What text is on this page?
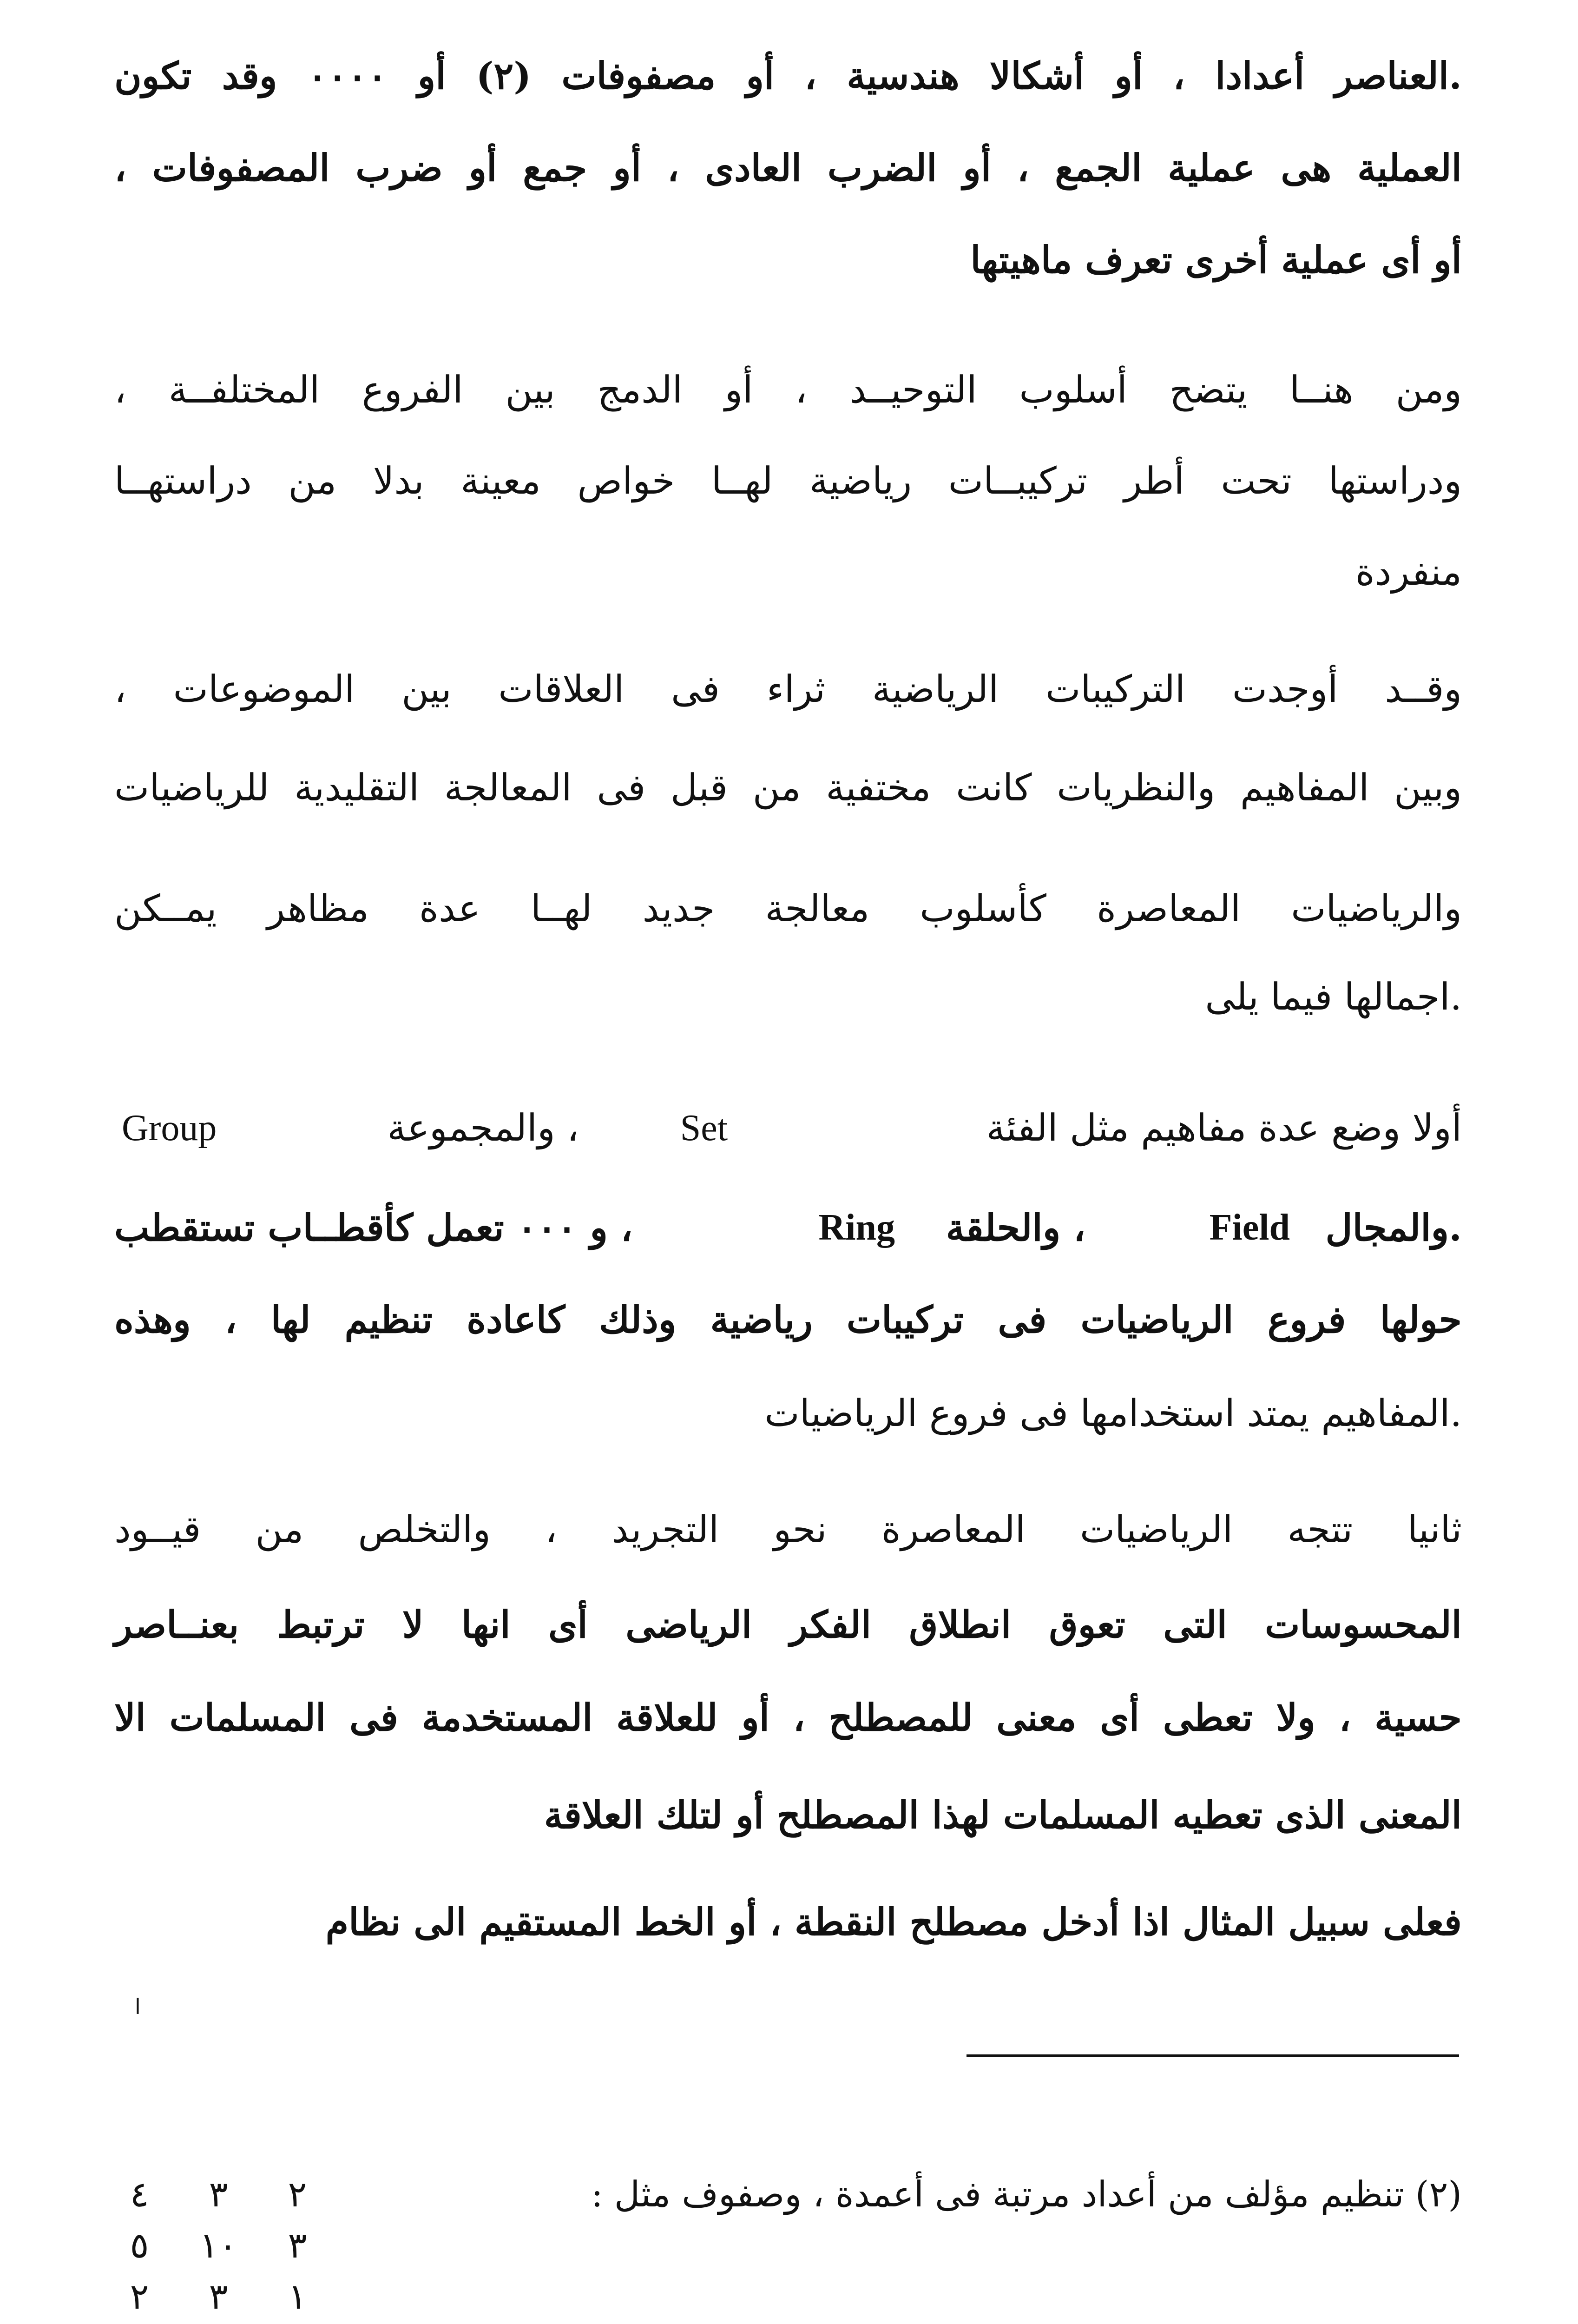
.العناصر أعدادا ، أو أشكالا هندسية ، أو مصفوفات (٢) أو ٠٠٠٠ وقد تكون
العملية هى عملية الجمع ، أو الضرب العادى ، أو جمع أو ضرب المصفوفات ،
أو أى عملية أخرى تعرف ماهيتها
ومن هنــا يتضح أسلوب التوحيــد ، أو الدمج بين الفروع المختلفــة ،
ودراستها تحت أطر تركيبــات رياضية لهــا خواص معينة بدلا من دراستهــا
منفردة
وقــد أوجدت التركيبات الرياضية ثراء فى العلاقات بين الموضوعات ،
وبين المفاهيم والنظريات كانت مختفية من قبل فى المعالجة التقليدية للرياضيات
والرياضيات المعاصرة كأسلوب معالجة جديد لهــا عدة مظاهر يمــكن
.اجمالها فيما يلى
أولا وضع عدة مفاهيم مثل الفئة
Set
، والمجموعة
Group
.والمجال
Field
، والحلقة
Ring
، و ٠٠٠ تعمل كأقطــاب تستقطب
حولها فروع الرياضيات فى تركيبات رياضية وذلك كاعادة تنظيم لها ، وهذه
.المفاهيم يمتد استخدامها فى فروع الرياضيات
ثانيا تتجه الرياضيات المعاصرة نحو التجريد ، والتخلص من قيــود
المحسوسات التى تعوق انطلاق الفكر الرياضى أى انها لا ترتبط بعنــاصر
حسية ، ولا تعطى أى معنى للمصطلح ، أو للعلاقة المستخدمة فى المسلمات الا
المعنى الذى تعطيه المسلمات لهذا المصطلح أو لتلك العلاقة
فعلى سبيل المثال اذا أدخل مصطلح النقطة ، أو الخط المستقيم الى نظام
ا
(٢) تنظيم مؤلف من أعداد مرتبة فى أعمدة ، وصفوف مثل :
٤	٣	٢
٥	١٠	٣
٢	٣	١
